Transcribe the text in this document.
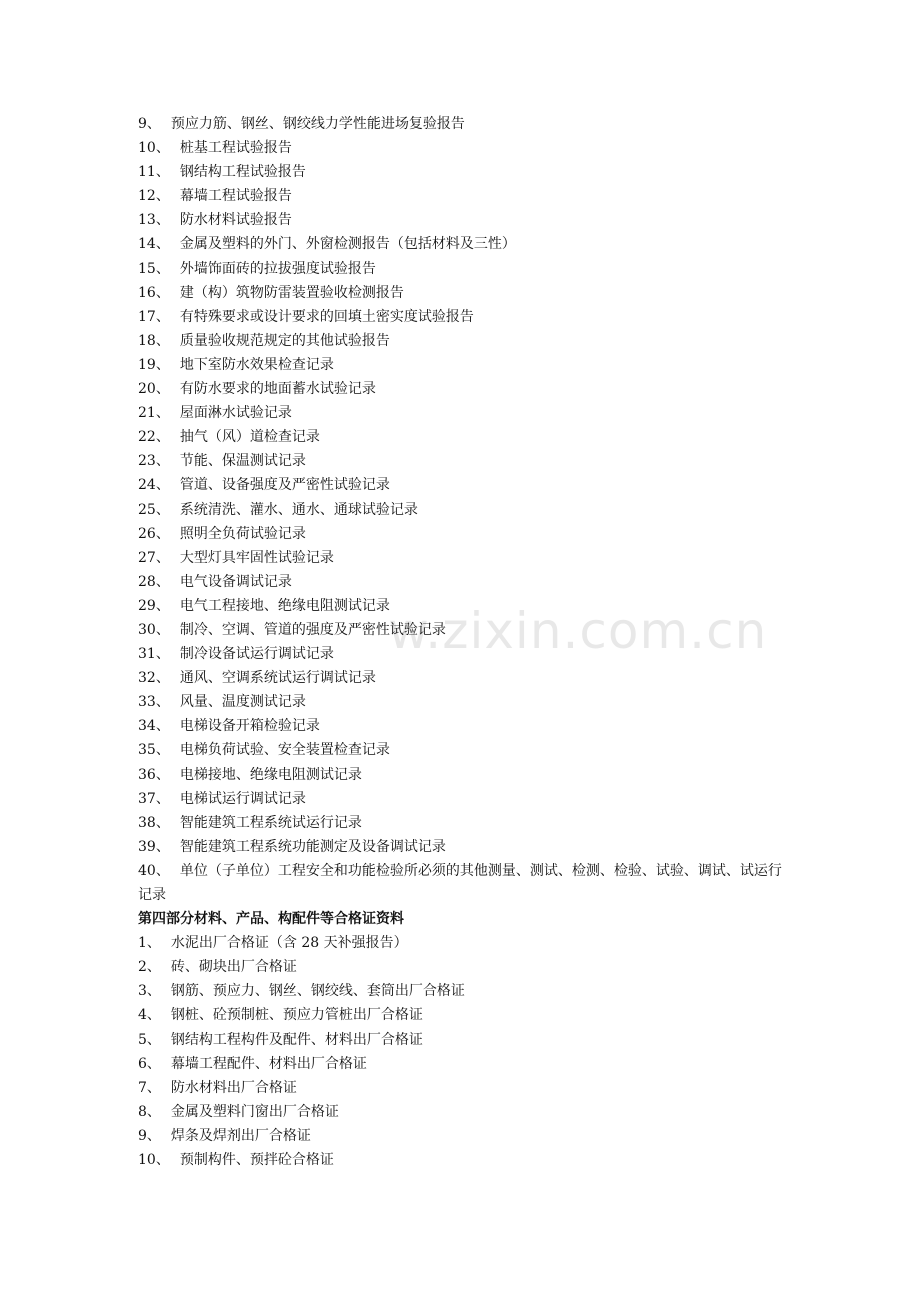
9、 预应力筋、钢丝、钢绞线力学性能进场复验报告
10、 桩基工程试验报告
11、 钢结构工程试验报告
12、 幕墙工程试验报告
13、 防水材料试验报告
14、 金属及塑料的外门、外窗检测报告（包括材料及三性）
15、 外墙饰面砖的拉拔强度试验报告
16、 建（构）筑物防雷装置验收检测报告
17、 有特殊要求或设计要求的回填土密实度试验报告
18、 质量验收规范规定的其他试验报告
19、 地下室防水效果检查记录
20、 有防水要求的地面蓄水试验记录
21、 屋面淋水试验记录
22、 抽气（风）道检查记录
23、 节能、保温测试记录
24、 管道、设备强度及严密性试验记录
25、 系统清洗、灌水、通水、通球试验记录
26、 照明全负荷试验记录
27、 大型灯具牢固性试验记录
28、 电气设备调试记录
29、 电气工程接地、绝缘电阻测试记录
30、 制冷、空调、管道的强度及严密性试验记录
31、 制冷设备试运行调试记录
32、 通风、空调系统试运行调试记录
33、 风量、温度测试记录
34、 电梯设备开箱检验记录
35、 电梯负荷试验、安全装置检查记录
36、 电梯接地、绝缘电阻测试记录
37、 电梯试运行调试记录
38、 智能建筑工程系统试运行记录
39、 智能建筑工程系统功能测定及设备调试记录
40、 单位（子单位）工程安全和功能检验所必须的其他测量、测试、检测、检验、试验、调试、试运行记录
第四部分材料、产品、构配件等合格证资料
1、 水泥出厂合格证（含 28 天补强报告）
2、 砖、砌块出厂合格证
3、 钢筋、预应力、钢丝、钢绞线、套筒出厂合格证
4、 钢桩、砼预制桩、预应力管桩出厂合格证
5、 钢结构工程构件及配件、材料出厂合格证
6、 幕墙工程配件、材料出厂合格证
7、 防水材料出厂合格证
8、 金属及塑料门窗出厂合格证
9、 焊条及焊剂出厂合格证
10、 预制构件、预拌砼合格证
w.zixin.com.cn
